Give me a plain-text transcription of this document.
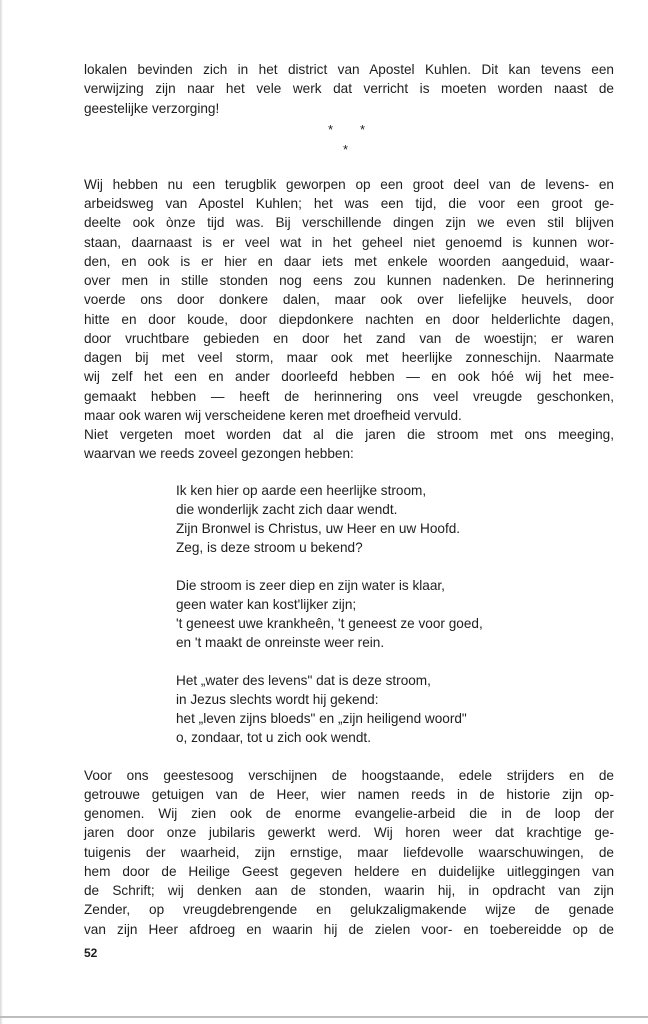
lokalen bevinden zich in het district van Apostel Kuhlen. Dit kan tevens een
verwijzing zijn naar het vele werk dat verricht is moeten worden naast de
geestelijke verzorging!
* *
*
Wij hebben nu een terugblik geworpen op een groot deel van de levens- en
arbeidsweg van Apostel Kuhlen; het was een tijd, die voor een groot ge-
deelte ook ònze tijd was. Bij verschillende dingen zijn we even stil blijven
staan, daarnaast is er veel wat in het geheel niet genoemd is kunnen wor-
den, en ook is er hier en daar iets met enkele woorden aangeduid, waar-
over men in stille stonden nog eens zou kunnen nadenken. De herinnering
voerde ons door donkere dalen, maar ook over liefelijke heuvels, door
hitte en door koude, door diepdonkere nachten en door helderlichte dagen,
door vruchtbare gebieden en door het zand van de woestijn; er waren
dagen bij met veel storm, maar ook met heerlijke zonneschijn. Naarmate
wij zelf het een en ander doorleefd hebben — en ook hóé wij het mee-
gemaakt hebben — heeft de herinnering ons veel vreugde geschonken,
maar ook waren wij verscheidene keren met droefheid vervuld.
Niet vergeten moet worden dat al die jaren die stroom met ons meeging,
waarvan we reeds zoveel gezongen hebben:
Ik ken hier op aarde een heerlijke stroom,
die wonderlijk zacht zich daar wendt.
Zijn Bronwel is Christus, uw Heer en uw Hoofd.
Zeg, is deze stroom u bekend?
Die stroom is zeer diep en zijn water is klaar,
geen water kan kost'lijker zijn;
't geneest uwe krankheên, 't geneest ze voor goed,
en 't maakt de onreinste weer rein.
Het „water des levens" dat is deze stroom,
in Jezus slechts wordt hij gekend:
het „leven zijns bloeds" en „zijn heiligend woord"
o, zondaar, tot u zich ook wendt.
Voor ons geestesoog verschijnen de hoogstaande, edele strijders en de
getrouwe getuigen van de Heer, wier namen reeds in de historie zijn op-
genomen. Wij zien ook de enorme evangelie-arbeid die in de loop der
jaren door onze jubilaris gewerkt werd. Wij horen weer dat krachtige ge-
tuigenis der waarheid, zijn ernstige, maar liefdevolle waarschuwingen, de
hem door de Heilige Geest gegeven heldere en duidelijke uitleggingen van
de Schrift; wij denken aan de stonden, waarin hij, in opdracht van zijn
Zender, op vreugdebrengende en gelukzaligmakende wijze de genade
van zijn Heer afdroeg en waarin hij de zielen voor- en toebereidde op de
52
